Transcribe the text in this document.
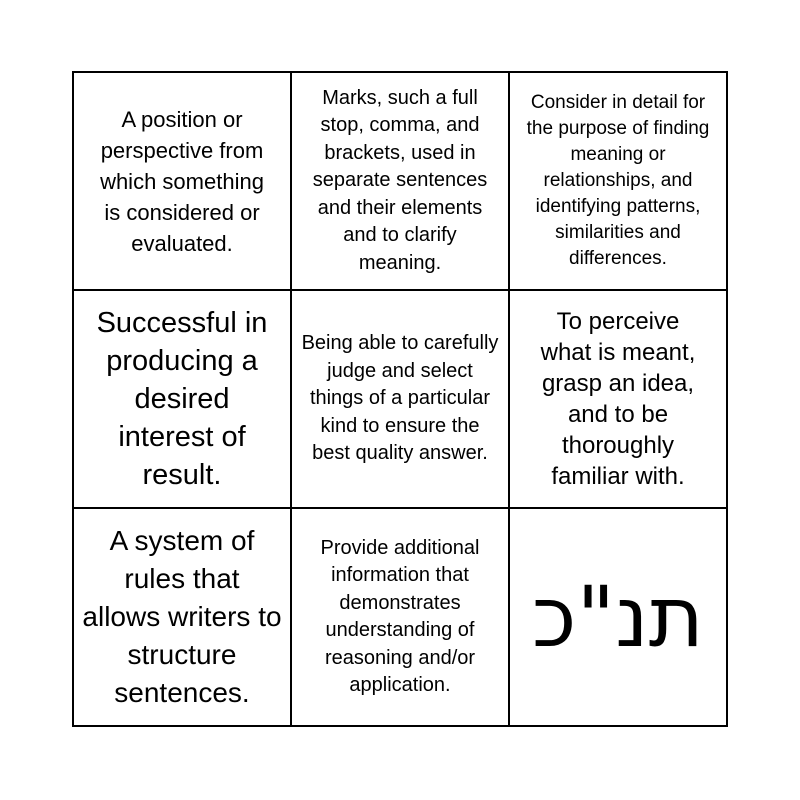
A position or perspective from which something is considered or evaluated.
Marks, such a full stop, comma, and brackets, used in separate sentences and their elements and to clarify meaning.
Consider in detail for the purpose of finding meaning or relationships, and identifying patterns, similarities and differences.
Successful in producing a desired interest of result.
Being able to carefully judge and select things of a particular kind to ensure the best quality answer.
To perceive what is meant, grasp an idea, and to be thoroughly familiar with.
A system of rules that allows writers to structure sentences.
Provide additional information that demonstrates understanding of reasoning and/or application.
תנ"כ
